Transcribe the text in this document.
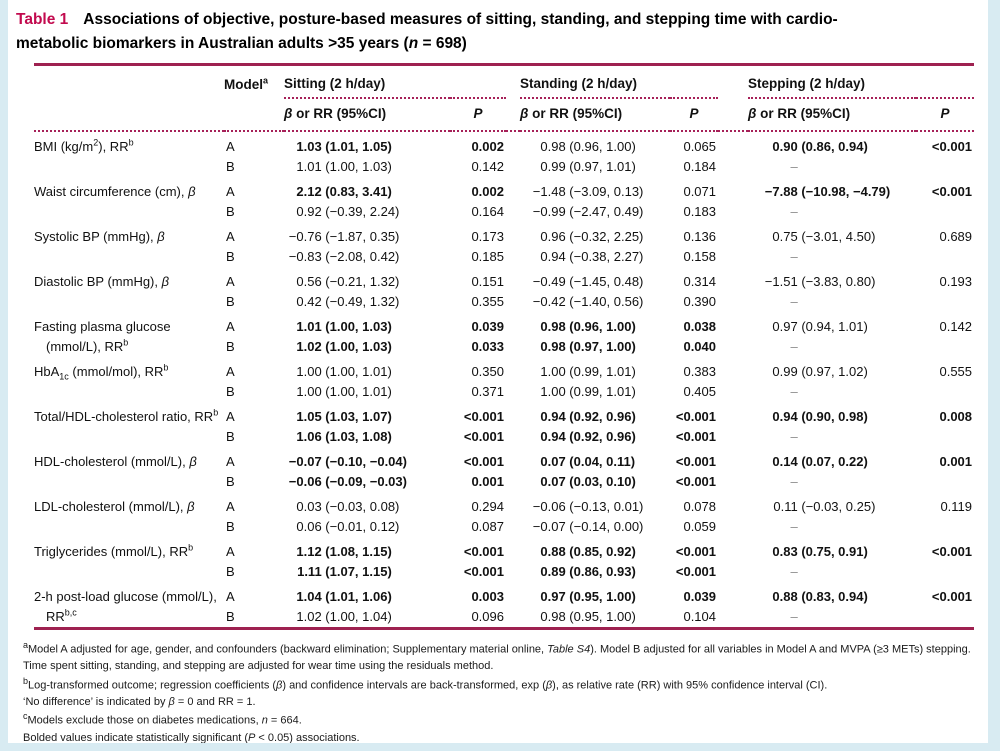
Table 1 Associations of objective, posture-based measures of sitting, standing, and stepping time with cardio-metabolic biomarkers in Australian adults >35 years (n = 698)
	Model$^a$	Sitting (2 h/day)			Standing (2 h/day)			Stepping (2 h/day)	
		β or RR (95%CI)	P		β or RR (95%CI)	P		β or RR (95%CI)	P
BMI $(kg/m^2)$, $RR^b$	A	1.03 (1.01, 1.05)	0.002		0.98 (0.96, 1.00)	0.065		0.90 (0.86, 0.94)	<0.001
	B	1.01 (1.00, 1.03)	0.142		0.99 (0.97, 1.01)	0.184		–	
Waist circumference (cm), β	A	2.12 (0.83, 3.41)	0.002		−1.48 (−3.09, 0.13)	0.071		−7.88 (−10.98, −4.79)	<0.001
	B	0.92 (−0.39, 2.24)	0.164		−0.99 (−2.47, 0.49)	0.183		–	
Systolic BP (mmHg), β	A	−0.76 (−1.87, 0.35)	0.173		0.96 (−0.32, 2.25)	0.136		0.75 (−3.01, 4.50)	0.689
	B	−0.83 (−2.08, 0.42)	0.185		0.94 (−0.38, 2.27)	0.158		–	
Diastolic BP (mmHg), β	A	0.56 (−0.21, 1.32)	0.151		−0.49 (−1.45, 0.48)	0.314		−1.51 (−3.83, 0.80)	0.193
	B	0.42 (−0.49, 1.32)	0.355		−0.42 (−1.40, 0.56)	0.390		–	
Fasting plasma glucose (mmol/L), $RR^b$	A	1.01 (1.00, 1.03)	0.039		0.98 (0.96, 1.00)	0.038		0.97 (0.94, 1.01)	0.142
	B	1.02 (1.00, 1.03)	0.033		0.98 (0.97, 1.00)	0.040		–	
HbA$_{1c}$ (mmol/mol), $RR^b$	A	1.00 (1.00, 1.01)	0.350		1.00 (0.99, 1.01)	0.383		0.99 (0.97, 1.02)	0.555
	B	1.00 (1.00, 1.01)	0.371		1.00 (0.99, 1.01)	0.405		–	
Total/HDL-cholesterol ratio, $RR^b$	A	1.05 (1.03, 1.07)	<0.001		0.94 (0.92, 0.96)	<0.001		0.94 (0.90, 0.98)	0.008
	B	1.06 (1.03, 1.08)	<0.001		0.94 (0.92, 0.96)	<0.001		–	
HDL-cholesterol (mmol/L), β	A	−0.07 (−0.10, −0.04)	<0.001		0.07 (0.04, 0.11)	<0.001		0.14 (0.07, 0.22)	0.001
	B	−0.06 (−0.09, −0.03)	0.001		0.07 (0.03, 0.10)	<0.001		–	
LDL-cholesterol (mmol/L), β	A	0.03 (−0.03, 0.08)	0.294		−0.06 (−0.13, 0.01)	0.078		0.11 (−0.03, 0.25)	0.119
	B	0.06 (−0.01, 0.12)	0.087		−0.07 (−0.14, 0.00)	0.059		–	
Triglycerides (mmol/L), $RR^b$	A	1.12 (1.08, 1.15)	<0.001		0.88 (0.85, 0.92)	<0.001		0.83 (0.75, 0.91)	<0.001
	B	1.11 (1.07, 1.15)	<0.001		0.89 (0.86, 0.93)	<0.001		–	
2-h post-load glucose (mmol/L), RR$^{b,c}$	A	1.04 (1.01, 1.06)	0.003		0.97 (0.95, 1.00)	0.039		0.88 (0.83, 0.94)	<0.001
	B	1.02 (1.00, 1.04)	0.096		0.98 (0.95, 1.00)	0.104		–	
$^a$Model A adjusted for age, gender, and confounders (backward elimination; Supplementary material online, Table S4). Model B adjusted for all variables in Model A and MVPA (≥3 METs) stepping. Time spent sitting, standing, and stepping are adjusted for wear time using the residuals method.
$^b$Log-transformed outcome; regression coefficients (β) and confidence intervals are back-transformed, exp (β), as relative rate (RR) with 95% confidence interval (CI).
‘No difference’ is indicated by β = 0 and RR = 1.
$^c$Models exclude those on diabetes medications, n = 664.
Bolded values indicate statistically significant (P < 0.05) associations.
